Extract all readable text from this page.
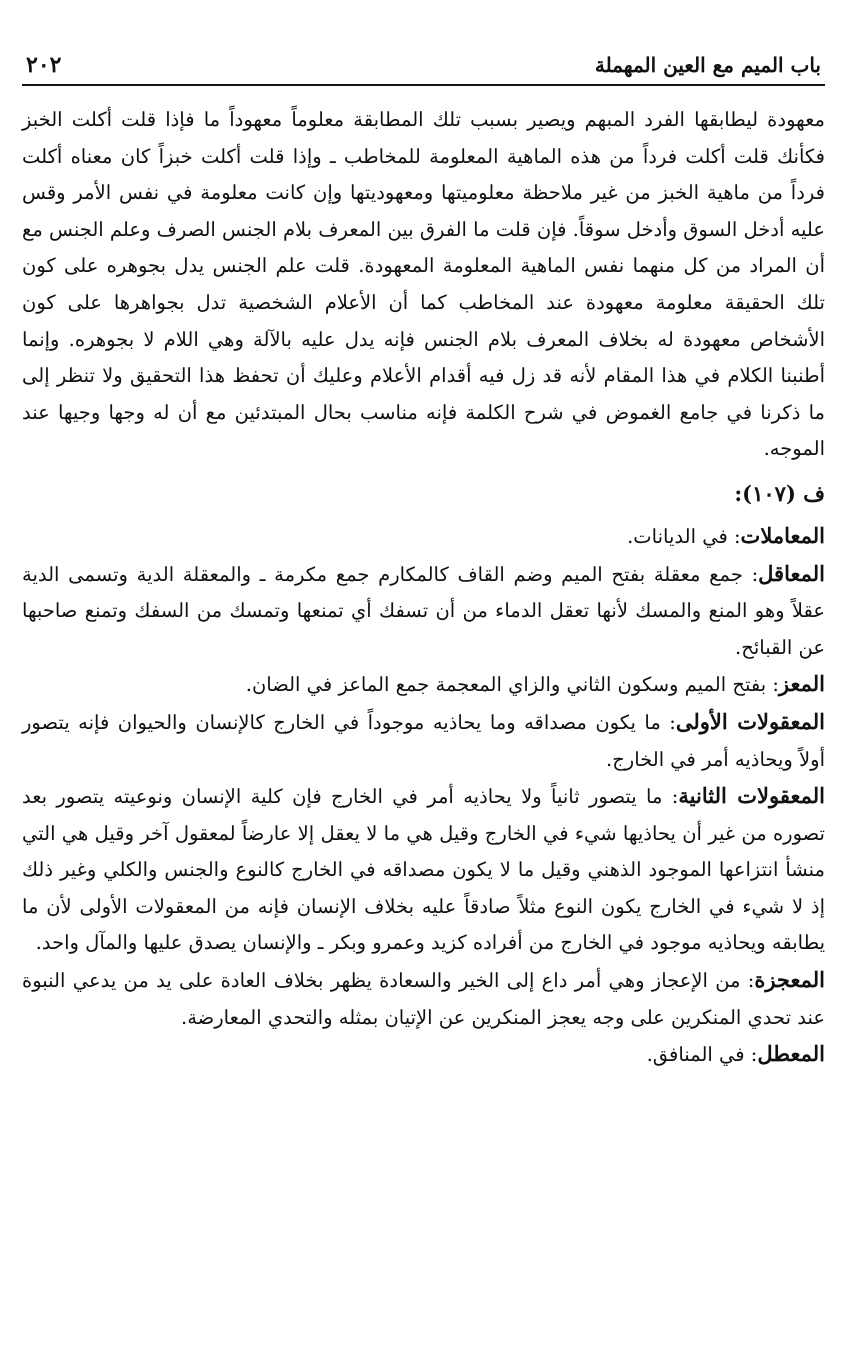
باب الميم مع العين المهملة
٢٠٢

معهودة ليطابقها الفرد المبهم ويصير بسبب تلك المطابقة معلوماً معهوداً ما فإذا قلت أكلت الخبز فكأنك قلت أكلت فرداً من هذه الماهية المعلومة للمخاطب ـ وإذا قلت أكلت خبزاً كان معناه أكلت فرداً من ماهية الخبز من غير ملاحظة معلوميتها ومعهوديتها وإن كانت معلومة في نفس الأمر وقس عليه أدخل السوق وأدخل سوقاً. فإن قلت ما الفرق بين المعرف بلام الجنس الصرف وعلم الجنس مع أن المراد من كل منهما نفس الماهية المعلومة المعهودة. قلت علم الجنس يدل بجوهره على كون تلك الحقيقة معلومة معهودة عند المخاطب كما أن الأعلام الشخصية تدل بجواهرها على كون الأشخاص معهودة له بخلاف المعرف بلام الجنس فإنه يدل عليه بالآلة وهي اللام لا بجوهره. وإنما أطنبنا الكلام في هذا المقام لأنه قد زل فيه أقدام الأعلام وعليك أن تحفظ هذا التحقيق ولا تنظر إلى ما ذكرنا في جامع الغموض في شرح الكلمة فإنه مناسب بحال المبتدئين مع أن له وجها وجيها عند الموجه.

ف (١٠٧):

المعاملات: في الديانات.

المعاقل: جمع معقلة بفتح الميم وضم القاف كالمكارم جمع مكرمة ـ والمعقلة الدية وتسمى الدية عقلاً وهو المنع والمسك لأنها تعقل الدماء من أن تسفك أي تمنعها وتمسك من السفك وتمنع صاحبها عن القبائح.

المعز: بفتح الميم وسكون الثاني والزاي المعجمة جمع الماعز في الضان.

المعقولات الأولى: ما يكون مصداقه وما يحاذيه موجوداً في الخارج كالإنسان والحيوان فإنه يتصور أولاً ويحاذيه أمر في الخارج.

المعقولات الثانية: ما يتصور ثانياً ولا يحاذيه أمر في الخارج فإن كلية الإنسان ونوعيته يتصور بعد تصوره من غير أن يحاذيها شيء في الخارج وقيل هي ما لا يعقل إلا عارضاً لمعقول آخر وقيل هي التي منشأ انتزاعها الموجود الذهني وقيل ما لا يكون مصداقه في الخارج كالنوع والجنس والكلي وغير ذلك إذ لا شيء في الخارج يكون النوع مثلاً صادقاً عليه بخلاف الإنسان فإنه من المعقولات الأولى لأن ما يطابقه ويحاذيه موجود في الخارج من أفراده كزيد وعمرو وبكر ـ والإنسان يصدق عليها والمآل واحد.

المعجزة: من الإعجاز وهي أمر داع إلى الخير والسعادة يظهر بخلاف العادة على يد من يدعي النبوة عند تحدي المنكرين على وجه يعجز المنكرين عن الإتيان بمثله والتحدي المعارضة.

المعطل: في المنافق.
